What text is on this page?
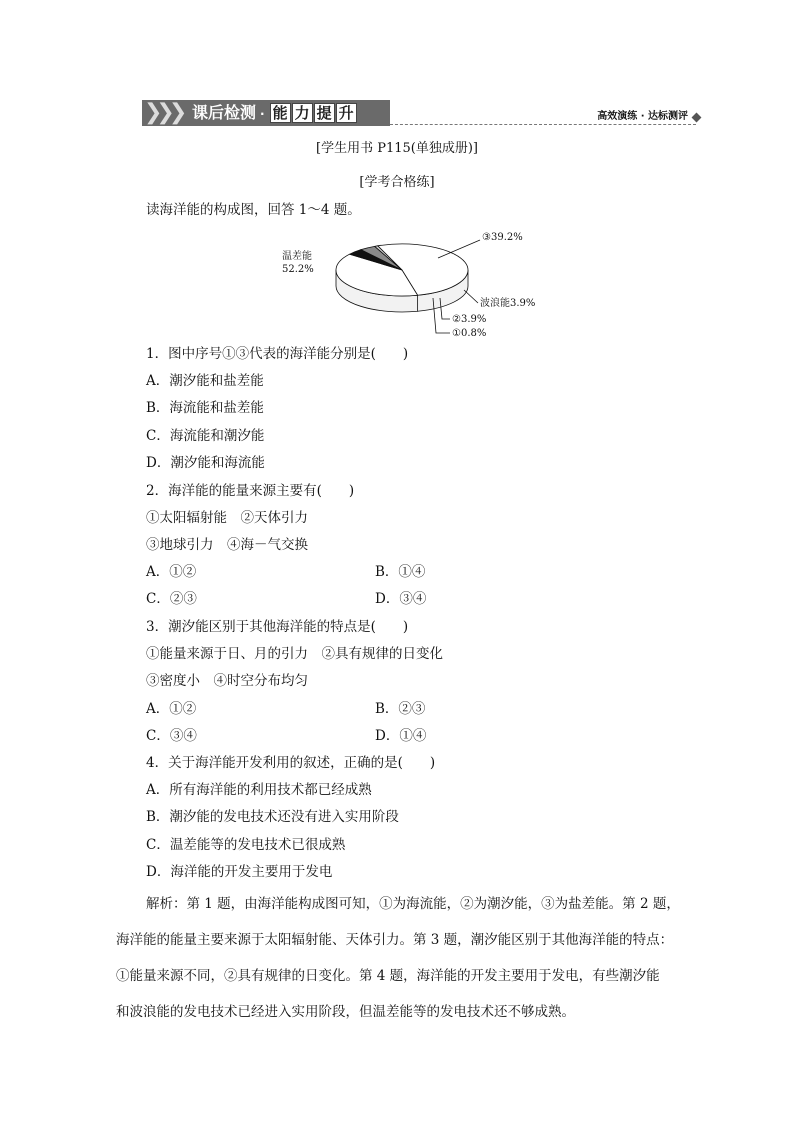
❯❯❯ 课后检测 · 能 力 提 升	高效演练 · 达标测评
[学生用书 P115(单独成册)]
[学考合格练]
读海洋能的构成图，回答 1～4 题。
温差能
52.2%
③39.2%
波浪能3.9%
②3.9%
①0.8%
1．图中序号①③代表的海洋能分别是(　　)
A．潮汐能和盐差能
B．海流能和盐差能
C．海流能和潮汐能
D．潮汐能和海流能
2．海洋能的能量来源主要有(　　)
①太阳辐射能　②天体引力
③地球引力　④海－气交换
A．①②	B．①④
C．②③	D．③④
3．潮汐能区别于其他海洋能的特点是(　　)
①能量来源于日、月的引力　②具有规律的日变化
③密度小　④时空分布均匀
A．①②	B．②③
C．③④	D．①④
4．关于海洋能开发利用的叙述，正确的是(　　)
A．所有海洋能的利用技术都已经成熟
B．潮汐能的发电技术还没有进入实用阶段
C．温差能等的发电技术已很成熟
D．海洋能的开发主要用于发电
解析：第 1 题，由海洋能构成图可知，①为海流能，②为潮汐能，③为盐差能。第 2 题，
海洋能的能量主要来源于太阳辐射能、天体引力。第 3 题，潮汐能区别于其他海洋能的特点：
①能量来源不同，②具有规律的日变化。第 4 题，海洋能的开发主要用于发电，有些潮汐能
和波浪能的发电技术已经进入实用阶段，但温差能等的发电技术还不够成熟。
